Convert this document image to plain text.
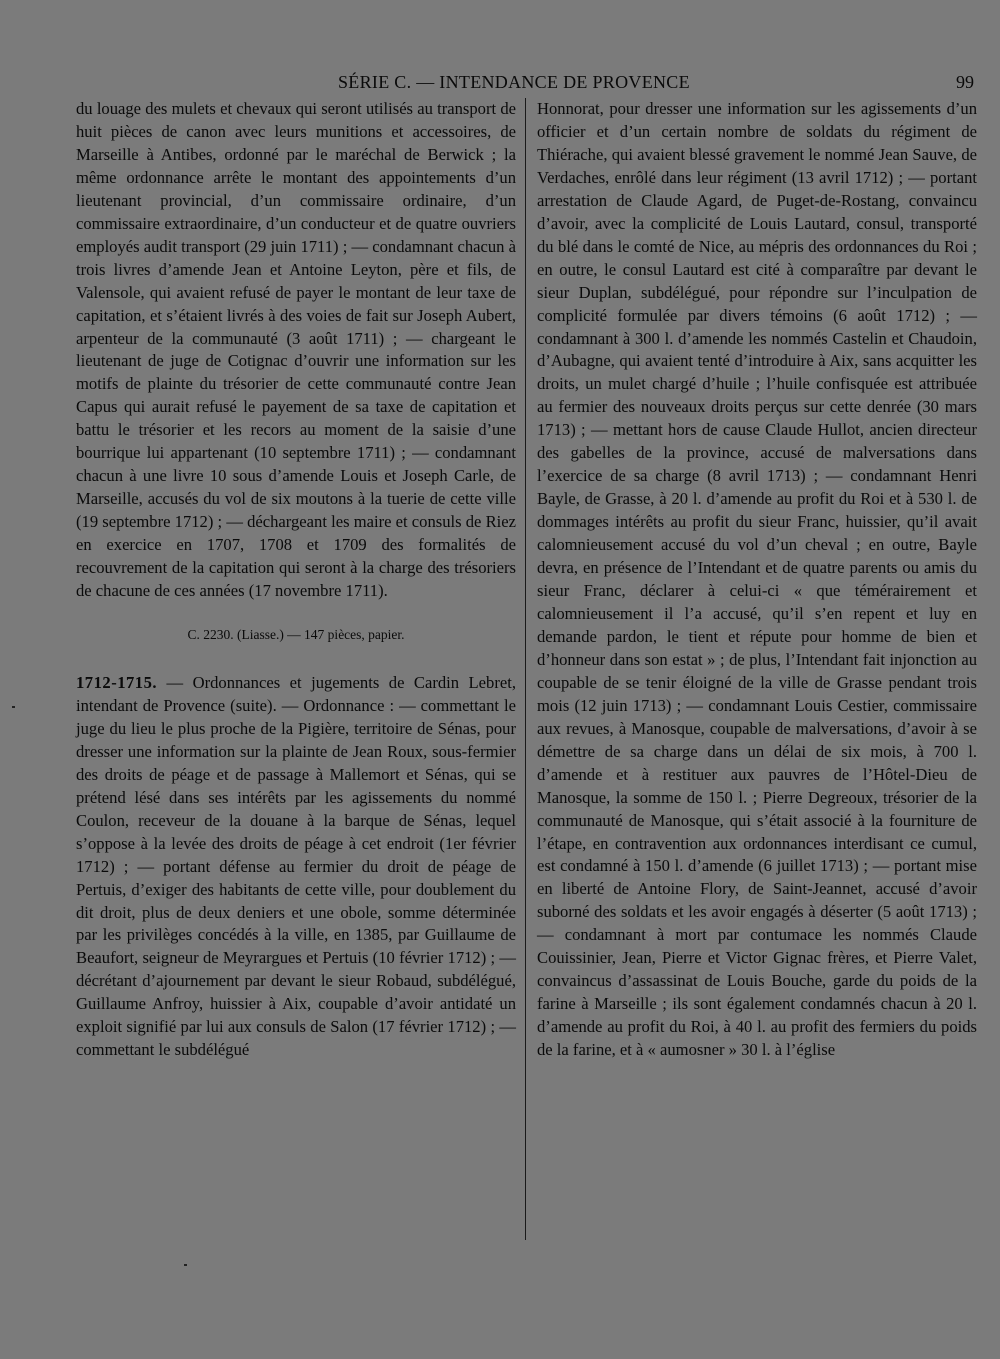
SÉRIE C. — INTENDANCE DE PROVENCE	99

du louage des mulets et chevaux qui seront utilisés au transport de huit pièces de canon avec leurs munitions et accessoires, de Marseille à Antibes, ordonné par le maréchal de Berwick ; la même ordonnance arrête le montant des appointements d’un lieutenant provincial, d’un commissaire ordinaire, d’un commissaire extraordinaire, d’un conducteur et de quatre ouvriers employés audit transport (29 juin 1711) ; — condamnant chacun à trois livres d’amende Jean et Antoine Leyton, père et fils, de Valensole, qui avaient refusé de payer le montant de leur taxe de capitation, et s’étaient livrés à des voies de fait sur Joseph Aubert, arpenteur de la communauté (3 août 1711) ; — chargeant le lieutenant de juge de Cotignac d’ouvrir une information sur les motifs de plainte du trésorier de cette communauté contre Jean Capus qui aurait refusé le payement de sa taxe de capitation et battu le trésorier et les recors au moment de la saisie d’une bourrique lui appartenant (10 septembre 1711) ; — condamnant chacun à une livre 10 sous d’amende Louis et Joseph Carle, de Marseille, accusés du vol de six moutons à la tuerie de cette ville (19 septembre 1712) ; — déchargeant les maire et consuls de Riez en exercice en 1707, 1708 et 1709 des formalités de recouvrement de la capitation qui seront à la charge des trésoriers de chacune de ces années (17 novembre 1711).

C. 2230. (Liasse.) — 147 pièces, papier.

1712-1715. — Ordonnances et jugements de Cardin Lebret, intendant de Provence (suite). — Ordonnance : — commettant le juge du lieu le plus proche de la Pigière, territoire de Sénas, pour dresser une information sur la plainte de Jean Roux, sous-fermier des droits de péage et de passage à Mallemort et Sénas, qui se prétend lésé dans ses intérêts par les agissements du nommé Coulon, receveur de la douane à la barque de Sénas, lequel s’oppose à la levée des droits de péage à cet endroit (1er février 1712) ; — portant défense au fermier du droit de péage de Pertuis, d’exiger des habitants de cette ville, pour doublement du dit droit, plus de deux deniers et une obole, somme déterminée par les privilèges concédés à la ville, en 1385, par Guillaume de Beaufort, seigneur de Meyrargues et Pertuis (10 février 1712) ; — décrétant d’ajournement par devant le sieur Robaud, subdélégué, Guillaume Anfroy, huissier à Aix, coupable d’avoir antidaté un exploit signifié par lui aux consuls de Salon (17 février 1712) ; — commettant le subdélégué

Honnorat, pour dresser une information sur les agissements d’un officier et d’un certain nombre de soldats du régiment de Thiérache, qui avaient blessé gravement le nommé Jean Sauve, de Verdaches, enrôlé dans leur régiment (13 avril 1712) ; — portant arrestation de Claude Agard, de Puget-de-Rostang, convaincu d’avoir, avec la complicité de Louis Lautard, consul, transporté du blé dans le comté de Nice, au mépris des ordonnances du Roi ; en outre, le consul Lautard est cité à comparaître par devant le sieur Duplan, subdélégué, pour répondre sur l’inculpation de complicité formulée par divers témoins (6 août 1712) ; — condamnant à 300 l. d’amende les nommés Castelin et Chaudoin, d’Aubagne, qui avaient tenté d’introduire à Aix, sans acquitter les droits, un mulet chargé d’huile ; l’huile confisquée est attribuée au fermier des nouveaux droits perçus sur cette denrée (30 mars 1713) ; — mettant hors de cause Claude Hullot, ancien directeur des gabelles de la province, accusé de malversations dans l’exercice de sa charge (8 avril 1713) ; — condamnant Henri Bayle, de Grasse, à 20 l. d’amende au profit du Roi et à 530 l. de dommages intérêts au profit du sieur Franc, huissier, qu’il avait calomnieusement accusé du vol d’un cheval ; en outre, Bayle devra, en présence de l’Intendant et de quatre parents ou amis du sieur Franc, déclarer à celui-ci « que témérairement et calomnieusement il l’a accusé, qu’il s’en repent et luy en demande pardon, le tient et répute pour homme de bien et d’honneur dans son estat » ; de plus, l’Intendant fait injonction au coupable de se tenir éloigné de la ville de Grasse pendant trois mois (12 juin 1713) ; — condamnant Louis Cestier, commissaire aux revues, à Manosque, coupable de malversations, d’avoir à se démettre de sa charge dans un délai de six mois, à 700 l. d’amende et à restituer aux pauvres de l’Hôtel-Dieu de Manosque, la somme de 150 l. ; Pierre Degreoux, trésorier de la communauté de Manosque, qui s’était associé à la fourniture de l’étape, en contravention aux ordonnances interdisant ce cumul, est condamné à 150 l. d’amende (6 juillet 1713) ; — portant mise en liberté de Antoine Flory, de Saint-Jeannet, accusé d’avoir suborné des soldats et les avoir engagés à déserter (5 août 1713) ; — condamnant à mort par contumace les nommés Claude Couissinier, Jean, Pierre et Victor Gignac frères, et Pierre Valet, convaincus d’assassinat de Louis Bouche, garde du poids de la farine à Marseille ; ils sont également condamnés chacun à 20 l. d’amende au profit du Roi, à 40 l. au profit des fermiers du poids de la farine, et à « aumosner » 30 l. à l’église
